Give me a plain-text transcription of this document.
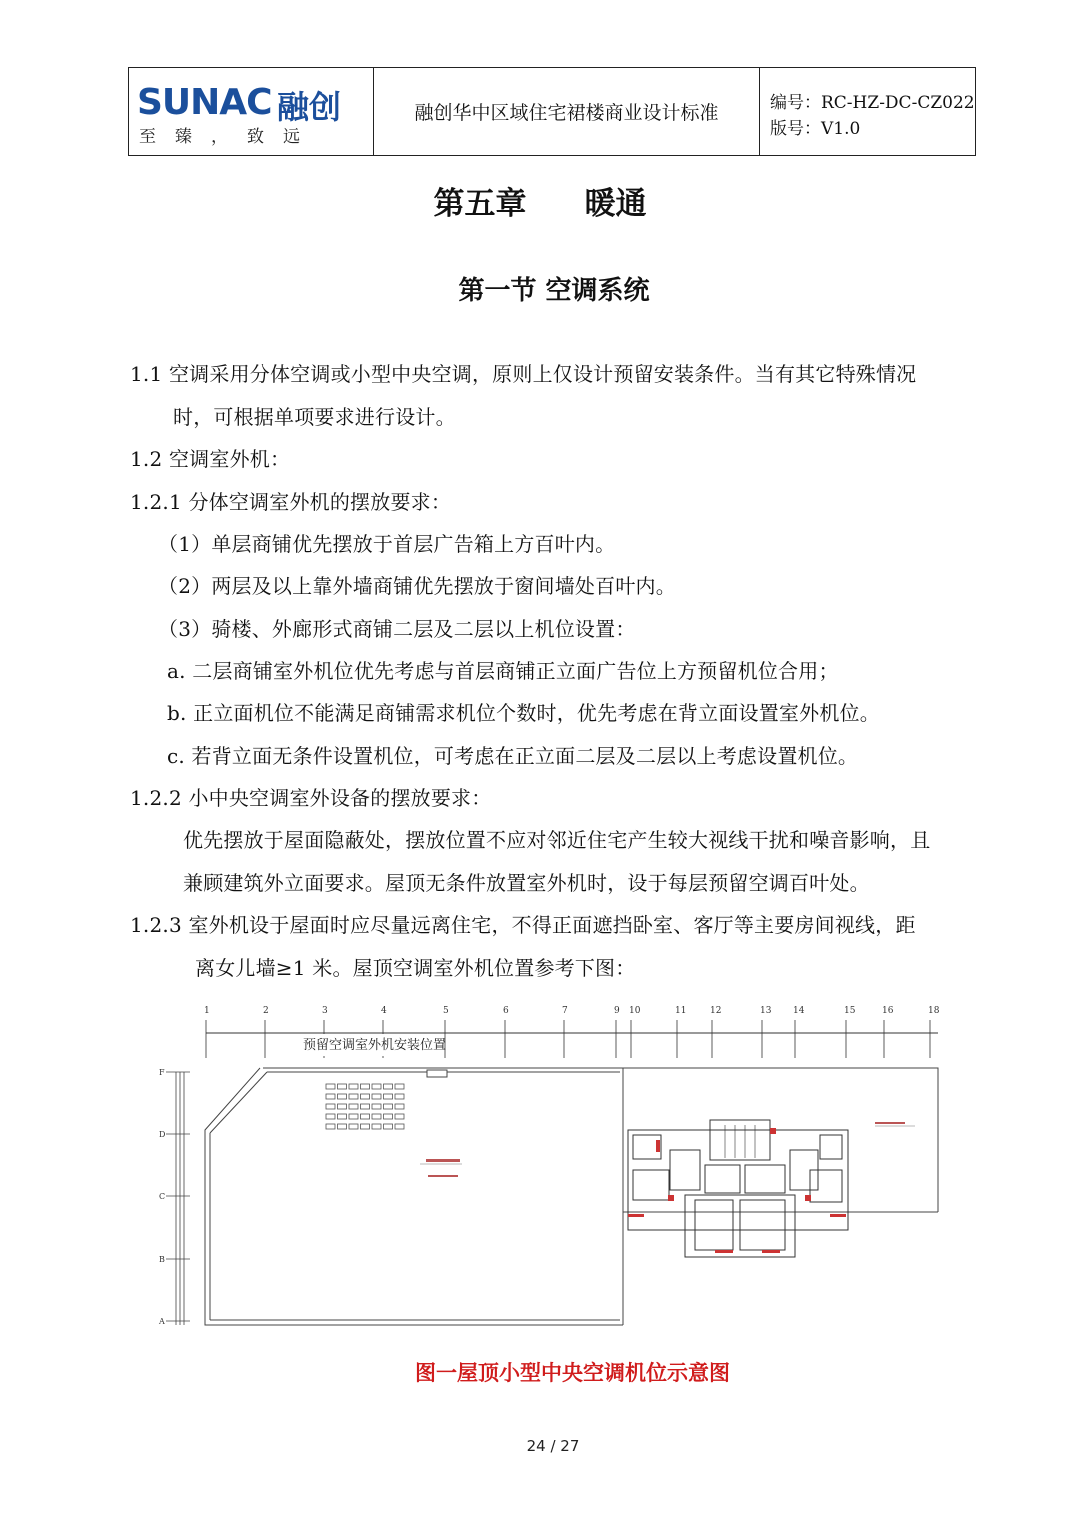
SUNAC 融创
至臻，致远
融创华中区域住宅裙楼商业设计标准	编号：RC-HZ-DC-CZ022
版号：V1.0
第五章 暖通
第一节 空调系统
1.1 空调采用分体空调或小型中央空调，原则上仅设计预留安装条件。当有其它特殊情况
时，可根据单项要求进行设计。
1.2 空调室外机：
1.2.1 分体空调室外机的摆放要求：
（1）单层商铺优先摆放于首层广告箱上方百叶内。
（2）两层及以上靠外墙商铺优先摆放于窗间墙处百叶内。
（3）骑楼、外廊形式商铺二层及二层以上机位设置：
a. 二层商铺室外机位优先考虑与首层商铺正立面广告位上方预留机位合用；
b. 正立面机位不能满足商铺需求机位个数时，优先考虑在背立面设置室外机位。
c. 若背立面无条件设置机位，可考虑在正立面二层及二层以上考虑设置机位。
1.2.2 小中央空调室外设备的摆放要求：
优先摆放于屋面隐蔽处，摆放位置不应对邻近住宅产生较大视线干扰和噪音影响，且
兼顾建筑外立面要求。屋顶无条件放置室外机时，设于每层预留空调百叶处。
1.2.3 室外机设于屋面时应尽量远离住宅，不得正面遮挡卧室、客厅等主要房间视线，距
离女儿墙≥1 米。屋顶空调室外机位置参考下图：
1	2	3	4	5	6	7	9 10	11	12	13 14	15	16	18
F
D
C
B
A
预留空调室外机安装位置
图一屋顶小型中央空调机位示意图
24 / 27
